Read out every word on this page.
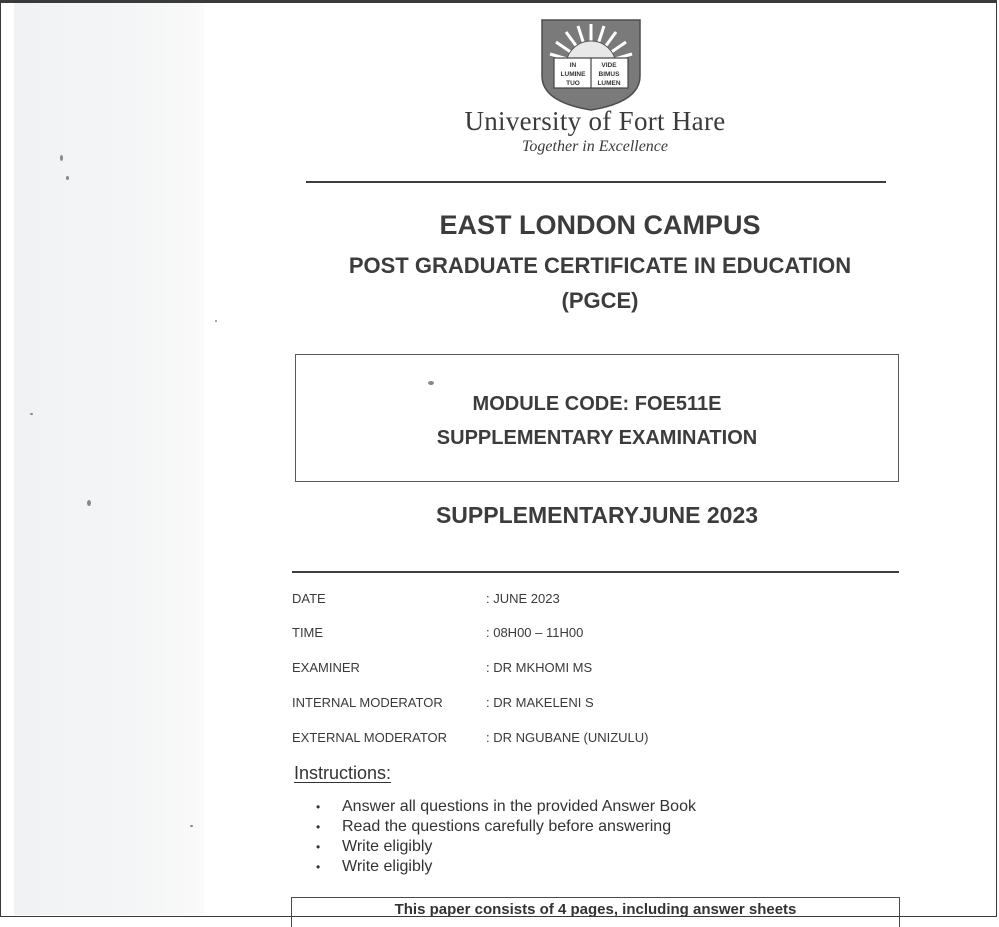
IN
LUMINE
TUO
VIDE
BIMUS
LUMEN
University of Fort Hare
Together in Excellence
EAST LONDON CAMPUS
POST GRADUATE CERTIFICATE IN EDUCATION
(PGCE)
MODULE CODE: FOE511E
SUPPLEMENTARY EXAMINATION
SUPPLEMENTARYJUNE 2023
DATE	: JUNE 2023
TIME	: 08H00 – 11H00
EXAMINER	: DR MKHOMI MS
INTERNAL MODERATOR	: DR MAKELENI S
EXTERNAL MODERATOR	: DR NGUBANE (UNIZULU)
Instructions:
• Answer all questions in the provided Answer Book
• Read the questions carefully before answering
• Write eligibly
• Write eligibly
This paper consists of 4 pages, including answer sheets
